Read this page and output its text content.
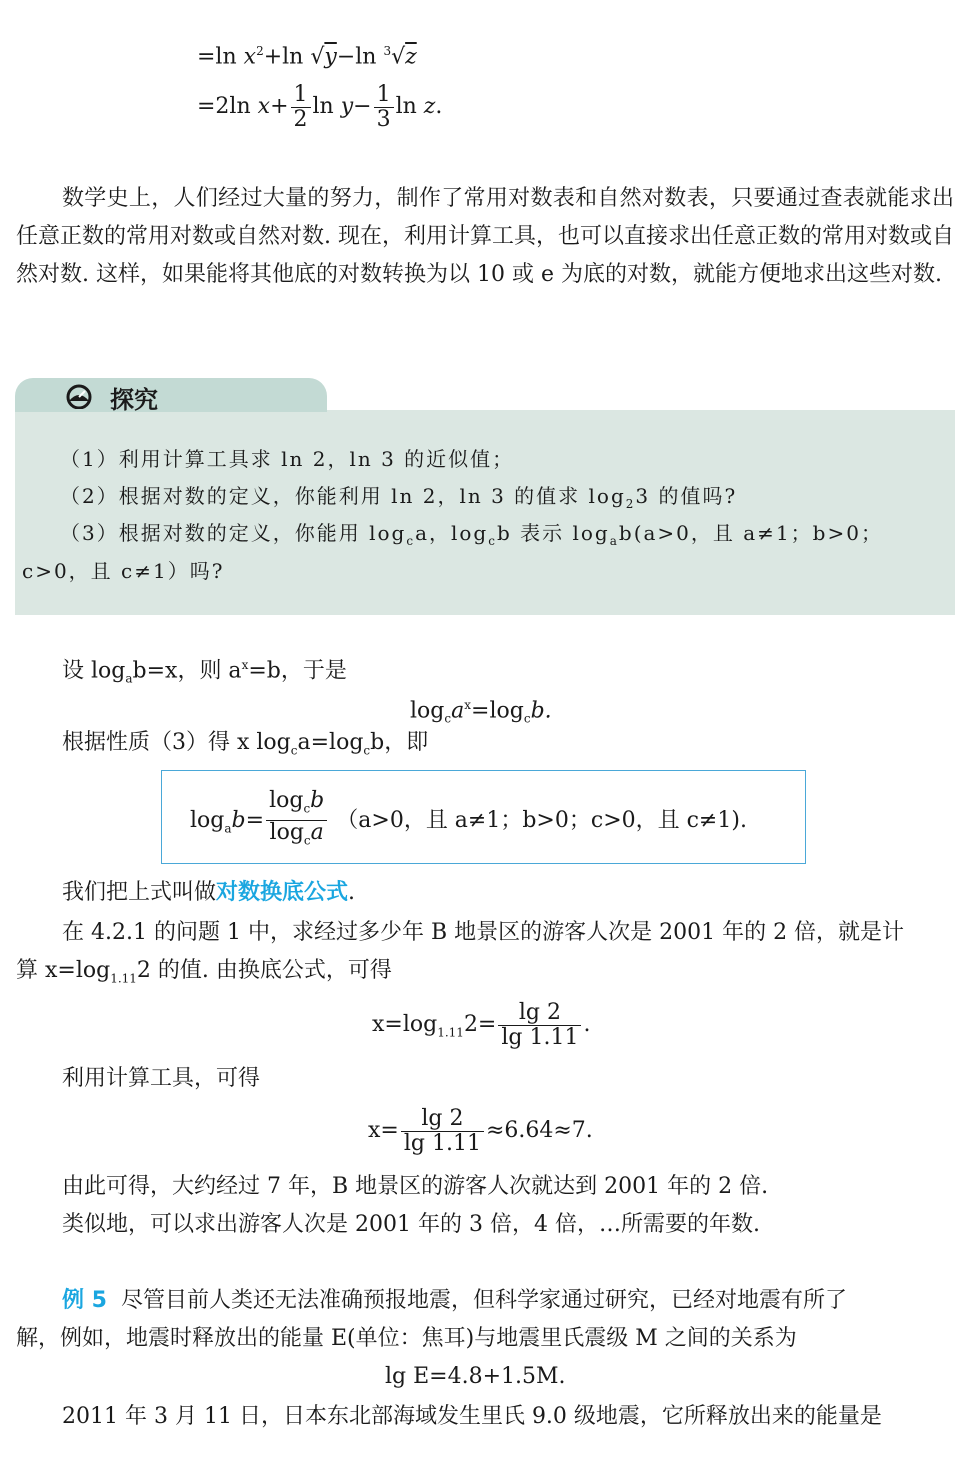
=ln $x^2+\ln$ √y−ln $^3$√z
=2ln $x+ \frac{1}{2}$ $\ln y- \frac{1}{3}$ ln z.
数学史上，人们经过大量的努力，制作了常用对数表和自然对数表，只要通过查表就能求出任意正数的常用对数或自然对数. 现在，利用计算工具，也可以直接求出任意正数的常用对数或自然对数. 这样，如果能将其他底的对数转换为以 10 或 e 为底的对数，就能方便地求出这些对数.
探究
（1）利用计算工具求 ln 2，ln 3 的近似值；
（2）根据对数的定义，你能利用 ln 2，ln 3 的值求 $\log_23$ 的值吗?
（3）根据对数的定义，你能用 $\log_ca$，$\log_cb$ 表示 $\log_ab(a>0$，且 a≠1；b>0；
c>0，且 c≠1）吗?
设 $\log_ab=x$，则 $a^x=b$，于是
$\log_ca^x=\log_cb$.
根据性质（3）得 x $\log_ca=\log_cb$，即
$\log_ab= \frac{\log_cb}{\log_ca} (a>0$，且 a≠1；b>0；c>0，且 c≠1).
我们把上式叫做对数换底公式.
在 4.2.1 的问题 1 中，求经过多少年 B 地景区的游客人次是 2001 年的 2 倍，就是计
算 $x=\log_{1.11}2$ 的值. 由换底公式，可得
$x=\log_{1.11}2= \frac{\lg 2}{\lg 1.11}$ .
利用计算工具，可得
$x= \frac{\lg 2}{\lg 1.11} \approx 6.64\approx 7$.
由此可得，大约经过 7 年，B 地景区的游客人次就达到 2001 年的 2 倍.
类似地，可以求出游客人次是 2001 年的 3 倍，4 倍，…所需要的年数.
例 5 尽管目前人类还无法准确预报地震，但科学家通过研究，已经对地震有所了
解，例如，地震时释放出的能量 E(单位：焦耳)与地震里氏震级 M 之间的关系为
lg E=4.8+1.5M.
2011 年 3 月 11 日，日本东北部海域发生里氏 9.0 级地震，它所释放出来的能量是
